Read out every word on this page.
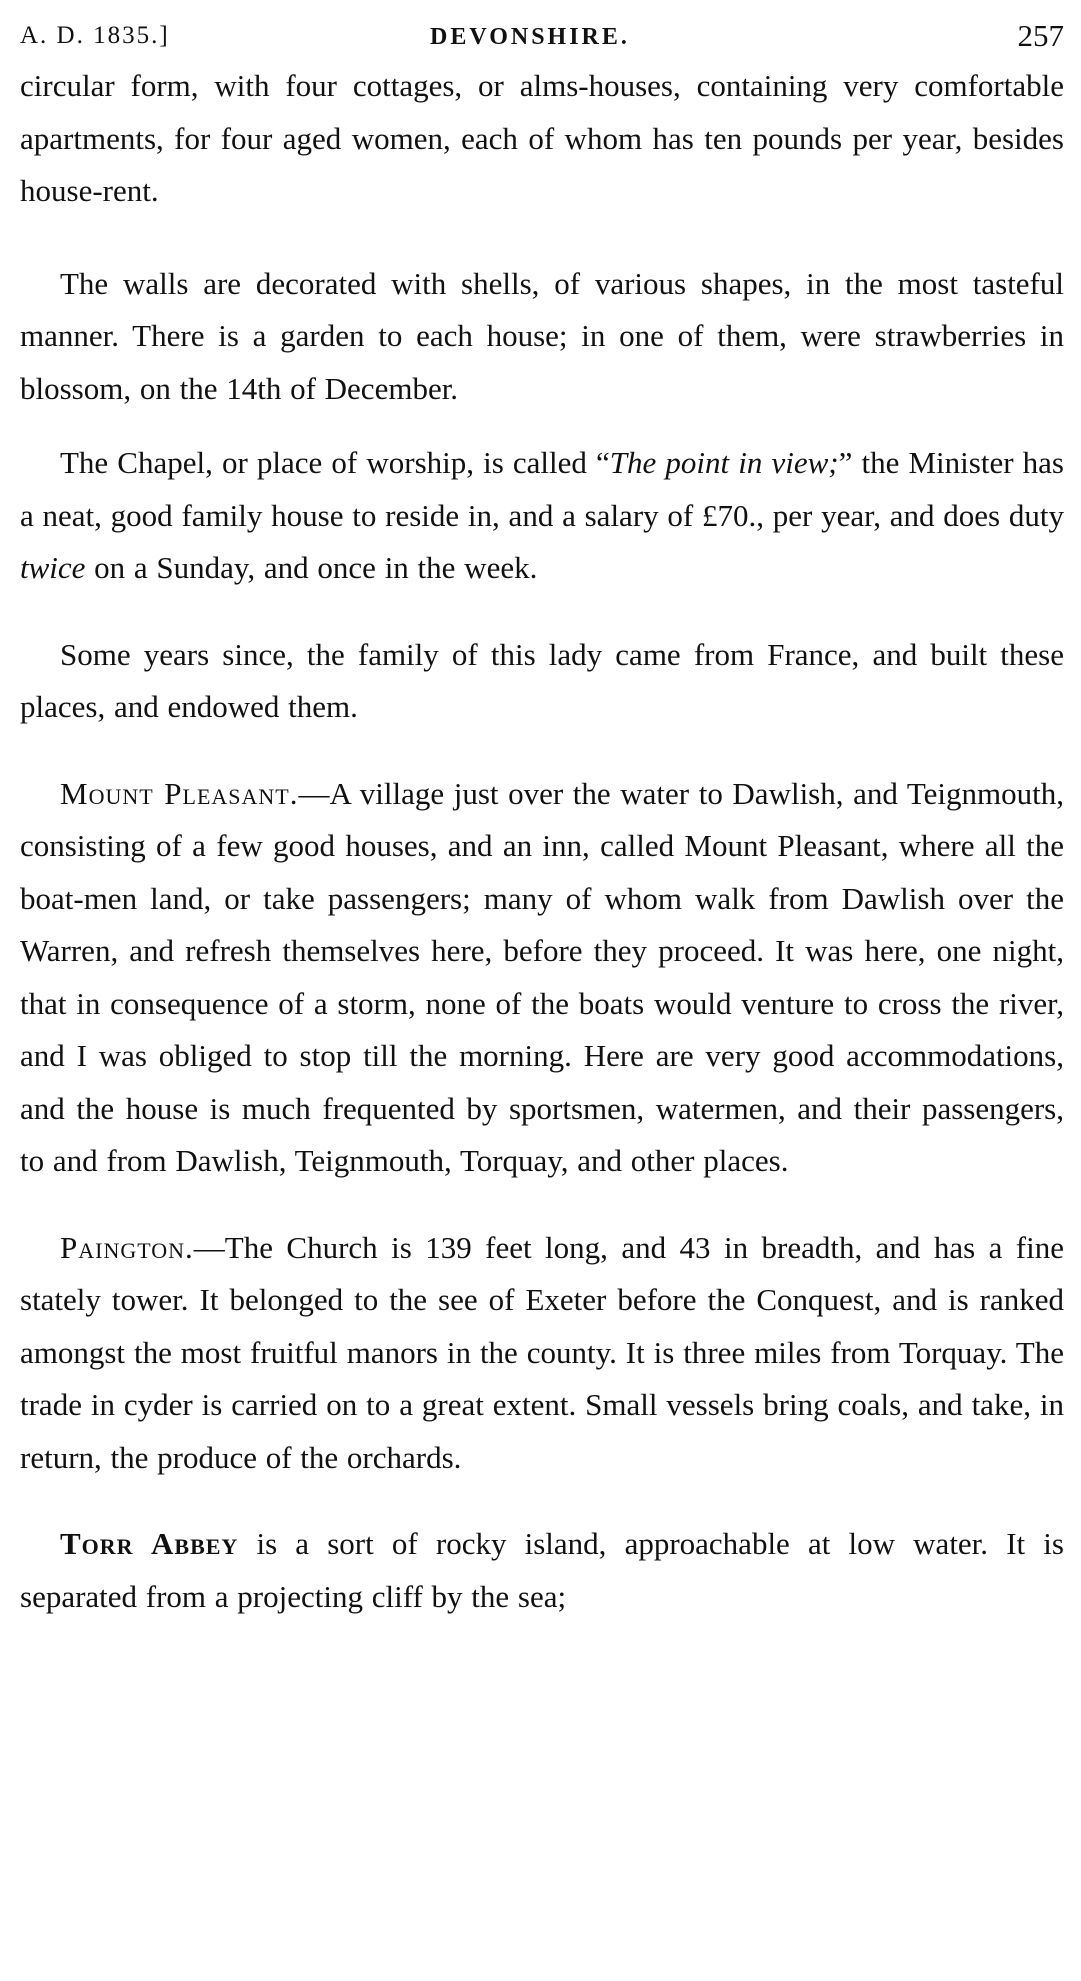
A. D. 1835.]	DEVONSHIRE.	257

circular form, with four cottages, or alms-houses, containing very comfortable apartments, for four aged women, each of whom has ten pounds per year, besides house-rent.

The walls are decorated with shells, of various shapes, in the most tasteful manner. There is a garden to each house; in one of them, were strawberries in blossom, on the 14th of December.

The Chapel, or place of worship, is called “The point in view;” the Minister has a neat, good family house to reside in, and a salary of £70., per year, and does duty twice on a Sunday, and once in the week.

Some years since, the family of this lady came from France, and built these places, and endowed them.

Mount Pleasant.—A village just over the water to Dawlish, and Teignmouth, consisting of a few good houses, and an inn, called Mount Pleasant, where all the boat-men land, or take passengers; many of whom walk from Dawlish over the Warren, and refresh themselves here, before they proceed. It was here, one night, that in consequence of a storm, none of the boats would venture to cross the river, and I was obliged to stop till the morning. Here are very good accommodations, and the house is much frequented by sportsmen, watermen, and their passengers, to and from Dawlish, Teignmouth, Torquay, and other places.

Paington.—The Church is 139 feet long, and 43 in breadth, and has a fine stately tower. It belonged to the see of Exeter before the Conquest, and is ranked amongst the most fruitful manors in the county. It is three miles from Torquay. The trade in cyder is carried on to a great extent. Small vessels bring coals, and take, in return, the produce of the orchards.

Torr Abbey is a sort of rocky island, approachable at low water. It is separated from a projecting cliff by the sea;
